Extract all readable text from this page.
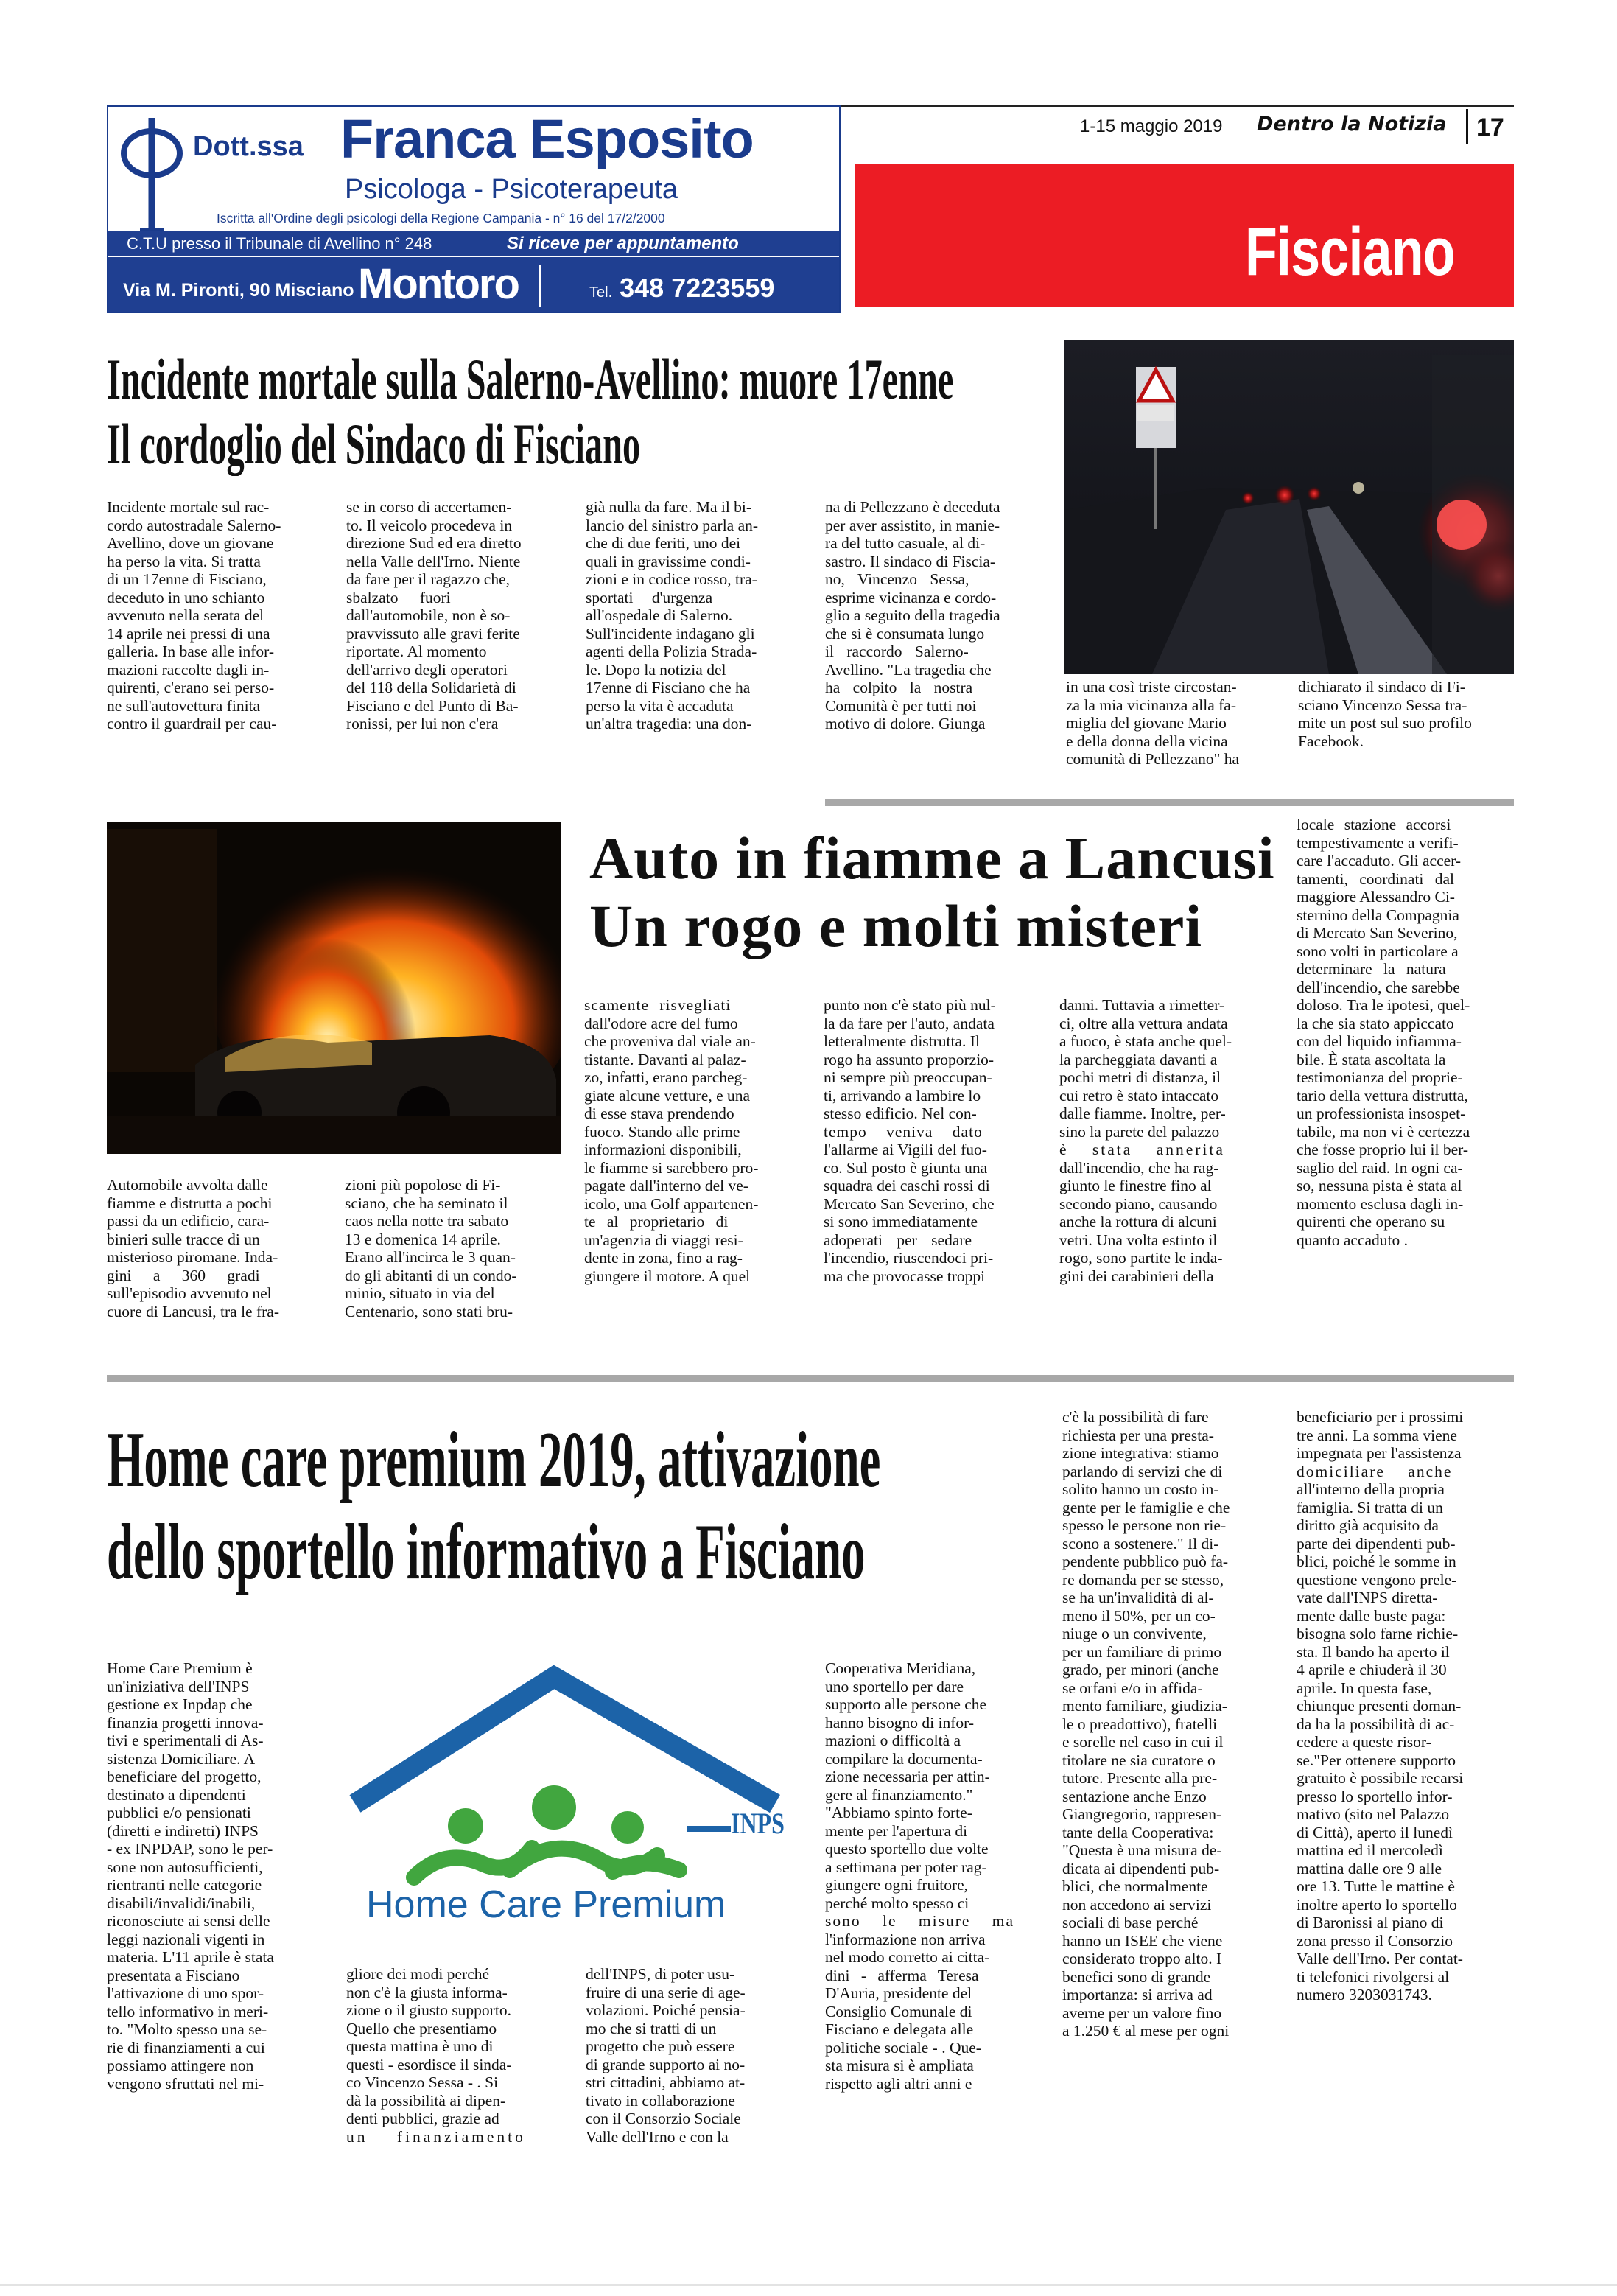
Dott.ssa Franca Esposito
Psicologa - Psicoterapeuta
Iscritta all'Ordine degli psicologi della Regione Campania - n° 16 del 17/2/2000
C.T.U presso il Tribunale di Avellino n° 248	Si riceve per appuntamento
Via M. Pironti, 90 Misciano Montoro	Tel. 348 7223559
1-15 maggio 2019 Dentro la Notizia 17
Fisciano
Incidente mortale sulla Salerno-Avellino: muore 17enne
Il cordoglio del Sindaco di Fisciano
Incidente mortale sul rac-
cordo autostradale Salerno-
Avellino, dove un giovane
ha perso la vita. Si tratta
di un 17enne di Fisciano,
deceduto in uno schianto
avvenuto nella serata del
14 aprile nei pressi di una
galleria. In base alle infor-
mazioni raccolte dagli in-
quirenti, c'erano sei perso-
ne sull'autovettura finita
contro il guardrail per cau-
se in corso di accertamen-
to. Il veicolo procedeva in
direzione Sud ed era diretto
nella Valle dell'Irno. Niente
da fare per il ragazzo che,
sbalzato fuori
dall'automobile, non è so-
pravvissuto alle gravi ferite
riportate. Al momento
dell'arrivo degli operatori
del 118 della Solidarietà di
Fisciano e del Punto di Ba-
ronissi, per lui non c'era
già nulla da fare. Ma il bi-
lancio del sinistro parla an-
che di due feriti, uno dei
quali in gravissime condi-
zioni e in codice rosso, tra-
sportati d'urgenza
all'ospedale di Salerno.
Sull'incidente indagano gli
agenti della Polizia Strada-
le. Dopo la notizia del
17enne di Fisciano che ha
perso la vita è accaduta
un'altra tragedia: una don-
na di Pellezzano è deceduta
per aver assistito, in manie-
ra del tutto casuale, al di-
sastro. Il sindaco di Fiscia-
no, Vincenzo Sessa,
esprime vicinanza e cordo-
glio a seguito della tragedia
che si è consumata lungo
il raccordo Salerno-
Avellino. "La tragedia che
ha colpito la nostra
Comunità è per tutti noi
motivo di dolore. Giunga
in una così triste circostan-
za la mia vicinanza alla fa-
miglia del giovane Mario
e della donna della vicina
comunità di Pellezzano" ha
dichiarato il sindaco di Fi-
sciano Vincenzo Sessa tra-
mite un post sul suo profilo
Facebook.
Auto in fiamme a Lancusi
Un rogo e molti misteri
Automobile avvolta dalle
fiamme e distrutta a pochi
passi da un edificio, cara-
binieri sulle tracce di un
misterioso piromane. Inda-
gini a 360 gradi
sull'episodio avvenuto nel
cuore di Lancusi, tra le fra-
zioni più popolose di Fi-
sciano, che ha seminato il
caos nella notte tra sabato
13 e domenica 14 aprile.
Erano all'incirca le 3 quan-
do gli abitanti di un condo-
minio, situato in via del
Centenario, sono stati bru-
scamente risvegliati
dall'odore acre del fumo
che proveniva dal viale an-
tistante. Davanti al palaz-
zo, infatti, erano parcheg-
giate alcune vetture, e una
di esse stava prendendo
fuoco. Stando alle prime
informazioni disponibili,
le fiamme si sarebbero pro-
pagate dall'interno del ve-
icolo, una Golf appartenen-
te al proprietario di
un'agenzia di viaggi resi-
dente in zona, fino a rag-
giungere il motore. A quel
punto non c'è stato più nul-
la da fare per l'auto, andata
letteralmente distrutta. Il
rogo ha assunto proporzio-
ni sempre più preoccupan-
ti, arrivando a lambire lo
stesso edificio. Nel con-
tempo veniva dato
l'allarme ai Vigili del fuo-
co. Sul posto è giunta una
squadra dei caschi rossi di
Mercato San Severino, che
si sono immediatamente
adoperati per sedare
l'incendio, riuscendoci pri-
ma che provocasse troppi
danni. Tuttavia a rimetter-
ci, oltre alla vettura andata
a fuoco, è stata anche quel-
la parcheggiata davanti a
pochi metri di distanza, il
cui retro è stato intaccato
dalle fiamme. Inoltre, per-
sino la parete del palazzo
è stata annerita
dall'incendio, che ha rag-
giunto le finestre fino al
secondo piano, causando
anche la rottura di alcuni
vetri. Una volta estinto il
rogo, sono partite le inda-
gini dei carabinieri della
locale stazione accorsi
tempestivamente a verifi-
care l'accaduto. Gli accer-
tamenti, coordinati dal
maggiore Alessandro Ci-
sternino della Compagnia
di Mercato San Severino,
sono volti in particolare a
determinare la natura
dell'incendio, che sarebbe
doloso. Tra le ipotesi, quel-
la che sia stato appiccato
con del liquido infiamma-
bile. È stata ascoltata la
testimonianza del proprie-
tario della vettura distrutta,
un professionista insospet-
tabile, ma non vi è certezza
che fosse proprio lui il ber-
saglio del raid. In ogni ca-
so, nessuna pista è stata al
momento esclusa dagli in-
quirenti che operano su
quanto accaduto .
Home care premium 2019, attivazione
dello sportello informativo a Fisciano
Home Care Premium
INPS
Home Care Premium è
un'iniziativa dell'INPS
gestione ex Inpdap che
finanzia progetti innova-
tivi e sperimentali di As-
sistenza Domiciliare. A
beneficiare del progetto,
destinato a dipendenti
pubblici e/o pensionati
(diretti e indiretti) INPS
- ex INPDAP, sono le per-
sone non autosufficienti,
rientranti nelle categorie
disabili/invalidi/inabili,
riconosciute ai sensi delle
leggi nazionali vigenti in
materia. L'11 aprile è stata
presentata a Fisciano
l'attivazione di uno spor-
tello informativo in meri-
to. "Molto spesso una se-
rie di finanziamenti a cui
possiamo attingere non
vengono sfruttati nel mi-
gliore dei modi perché
non c'è la giusta informa-
zione o il giusto supporto.
Quello che presentiamo
questa mattina è uno di
questi - esordisce il sinda-
co Vincenzo Sessa - . Si
dà la possibilità ai dipen-
denti pubblici, grazie ad
un finanziamento
dell'INPS, di poter usu-
fruire di una serie di age-
volazioni. Poiché pensia-
mo che si tratti di un
progetto che può essere
di grande supporto ai no-
stri cittadini, abbiamo at-
tivato in collaborazione
con il Consorzio Sociale
Valle dell'Irno e con la
Cooperativa Meridiana,
uno sportello per dare
supporto alle persone che
hanno bisogno di infor-
mazioni o difficoltà a
compilare la documenta-
zione necessaria per attin-
gere al finanziamento."
"Abbiamo spinto forte-
mente per l'apertura di
questo sportello due volte
a settimana per poter rag-
giungere ogni fruitore,
perché molto spesso ci
sono le misure ma
l'informazione non arriva
nel modo corretto ai citta-
dini - afferma Teresa
D'Auria, presidente del
Consiglio Comunale di
Fisciano e delegata alle
politiche sociale - . Que-
sta misura si è ampliata
rispetto agli altri anni e
c'è la possibilità di fare
richiesta per una presta-
zione integrativa: stiamo
parlando di servizi che di
solito hanno un costo in-
gente per le famiglie e che
spesso le persone non rie-
scono a sostenere." Il di-
pendente pubblico può fa-
re domanda per se stesso,
se ha un'invalidità di al-
meno il 50%, per un co-
niuge o un convivente,
per un familiare di primo
grado, per minori (anche
se orfani e/o in affida-
mento familiare, giudizia-
le o preadottivo), fratelli
e sorelle nel caso in cui il
titolare ne sia curatore o
tutore. Presente alla pre-
sentazione anche Enzo
Giangregorio, rappresen-
tante della Cooperativa:
"Questa è una misura de-
dicata ai dipendenti pub-
blici, che normalmente
non accedono ai servizi
sociali di base perché
hanno un ISEE che viene
considerato troppo alto. I
benefici sono di grande
importanza: si arriva ad
averne per un valore fino
a 1.250 € al mese per ogni
beneficiario per i prossimi
tre anni. La somma viene
impegnata per l'assistenza
domiciliare anche
all'interno della propria
famiglia. Si tratta di un
diritto già acquisito da
parte dei dipendenti pub-
blici, poiché le somme in
questione vengono prele-
vate dall'INPS diretta-
mente dalle buste paga:
bisogna solo farne richie-
sta. Il bando ha aperto il
4 aprile e chiuderà il 30
aprile. In questa fase,
chiunque presenti doman-
da ha la possibilità di ac-
cedere a queste risor-
se."Per ottenere supporto
gratuito è possibile recarsi
presso lo sportello infor-
mativo (sito nel Palazzo
di Città), aperto il lunedì
mattina ed il mercoledì
mattina dalle ore 9 alle
ore 13. Tutte le mattine è
inoltre aperto lo sportello
di Baronissi al piano di
zona presso il Consorzio
Valle dell'Irno. Per contat-
ti telefonici rivolgersi al
numero 3203031743.
